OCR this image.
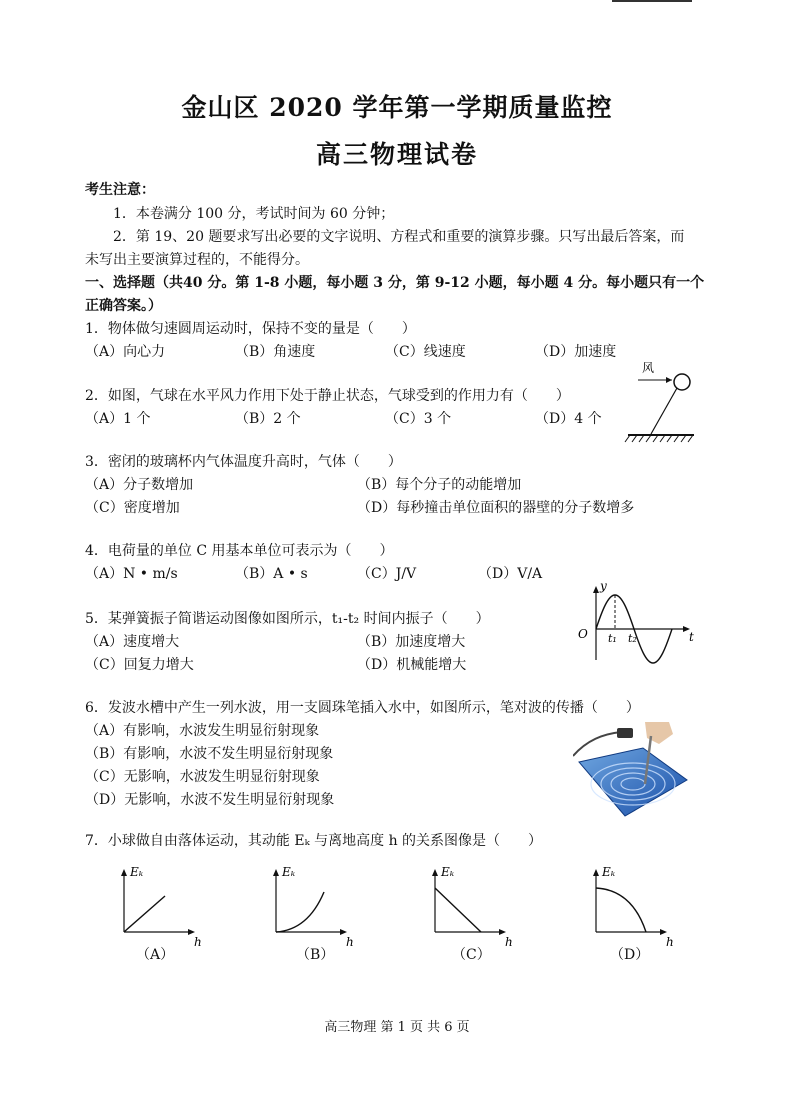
金山区 2020 学年第一学期质量监控
高三物理试卷
考生注意：
1．本卷满分 100 分，考试时间为 60 分钟；
2．第 19、20 题要求写出必要的文字说明、方程式和重要的演算步骤。只写出最后答案，而
未写出主要演算过程的，不能得分。
一、选择题（共40 分。第 1-8 小题，每小题 3 分，第 9-12 小题，每小题 4 分。每小题只有一个
正确答案。）
1．物体做匀速圆周运动时，保持不变的量是（　　）
（A）向心力	（B）角速度	（C）线速度	（D）加速度
2．如图，气球在水平风力作用下处于静止状态，气球受到的作用力有（　　）
（A）1 个	（B）2 个	（C）3 个	（D）4 个
风
3．密闭的玻璃杯内气体温度升高时，气体（　　）
（A）分子数增加	（B）每个分子的动能增加
（C）密度增加	（D）每秒撞击单位面积的器壁的分子数增多
4．电荷量的单位 C 用基本单位可表示为（　　）
（A）N • m/s	（B）A • s	（C）J/V	（D）V/A
5．某弹簧振子简谐运动图像如图所示，t₁-t₂ 时间内振子（　　）
（A）速度增大	（B）加速度增大
（C）回复力增大	（D）机械能增大
y
t
O t₁ t₂
6．发波水槽中产生一列水波，用一支圆珠笔插入水中，如图所示，笔对波的传播（　　）
（A）有影响，水波发生明显衍射现象
（B）有影响，水波不发生明显衍射现象
（C）无影响，水波发生明显衍射现象
（D）无影响，水波不发生明显衍射现象
7．小球做自由落体运动，其动能 Eₖ 与离地高度 h 的关系图像是（　　）
Eₖ
h
（A）
Eₖ
h
（B）
Eₖ
h
（C）
Eₖ
h
（D）
高三物理 第 1 页 共 6 页
